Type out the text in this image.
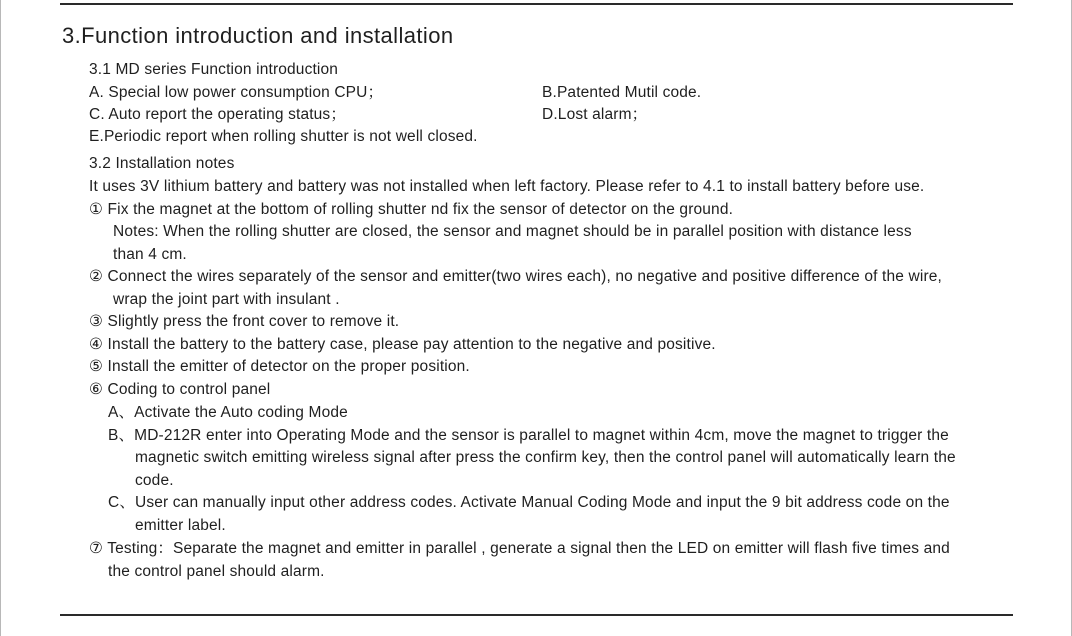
3.Function introduction and installation
3.1 MD series Function introduction
A. Special low power consumption CPU；	B.Patented Mutil code.
C. Auto report the operating status；	D.Lost alarm；
E.Periodic report when rolling shutter is not well closed.
3.2 Installation notes
It uses 3V lithium battery and battery was not installed when left factory. Please refer to 4.1 to install battery before use.
① Fix the magnet at the bottom of rolling shutter nd fix the sensor of detector on the ground.
Notes: When the rolling shutter are closed, the sensor and magnet should be in parallel position with distance less
than 4 cm.
② Connect the wires separately of the sensor and emitter(two wires each), no negative and positive difference of the wire,
wrap the joint part with insulant .
③ Slightly press the front cover to remove it.
④ Install the battery to the battery case, please pay attention to the negative and positive.
⑤ Install the emitter of detector on the proper position.
⑥ Coding to control panel
A、Activate the Auto coding Mode
B、MD-212R enter into Operating Mode and the sensor is parallel to magnet within 4cm, move the magnet to trigger the
magnetic switch emitting wireless signal after press the confirm key, then the control panel will automatically learn the
code.
C、User can manually input other address codes. Activate Manual Coding Mode and input the 9 bit address code on the
emitter label.
⑦ Testing：Separate the magnet and emitter in parallel , generate a signal then the LED on emitter will flash five times and
the control panel should alarm.
